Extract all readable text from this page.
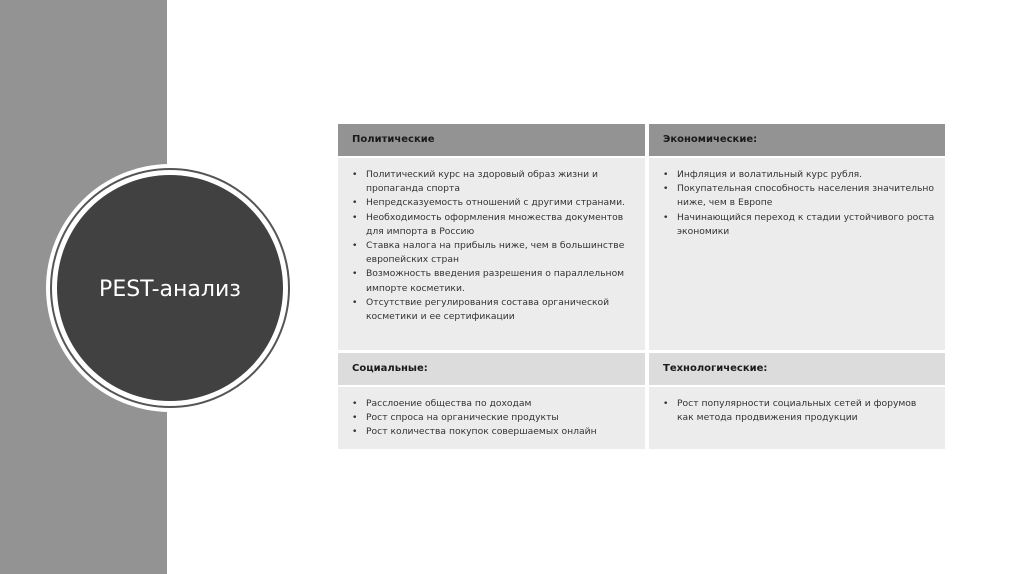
PEST-анализ
Политические
• Политический курс на здоровый образ жизни и пропаганда спорта
• Непредсказуемость отношений с другими странами.
• Необходимость оформления множества документов для импорта в Россию
• Ставка налога на прибыль ниже, чем в большинстве европейских стран
• Возможность введения разрешения о параллельном импорте косметики.
• Отсутствие регулирования состава органической косметики и ее сертификации
Экономические:
• Инфляция и волатильный курс рубля.
• Покупательная способность населения значительно ниже, чем в Европе
• Начинающийся переход к стадии устойчивого роста экономики
Социальные:
• Расслоение общества по доходам
• Рост спроса на органические продукты
• Рост количества покупок совершаемых онлайн
Технологические:
• Рост популярности социальных сетей и форумов как метода продвижения продукции
